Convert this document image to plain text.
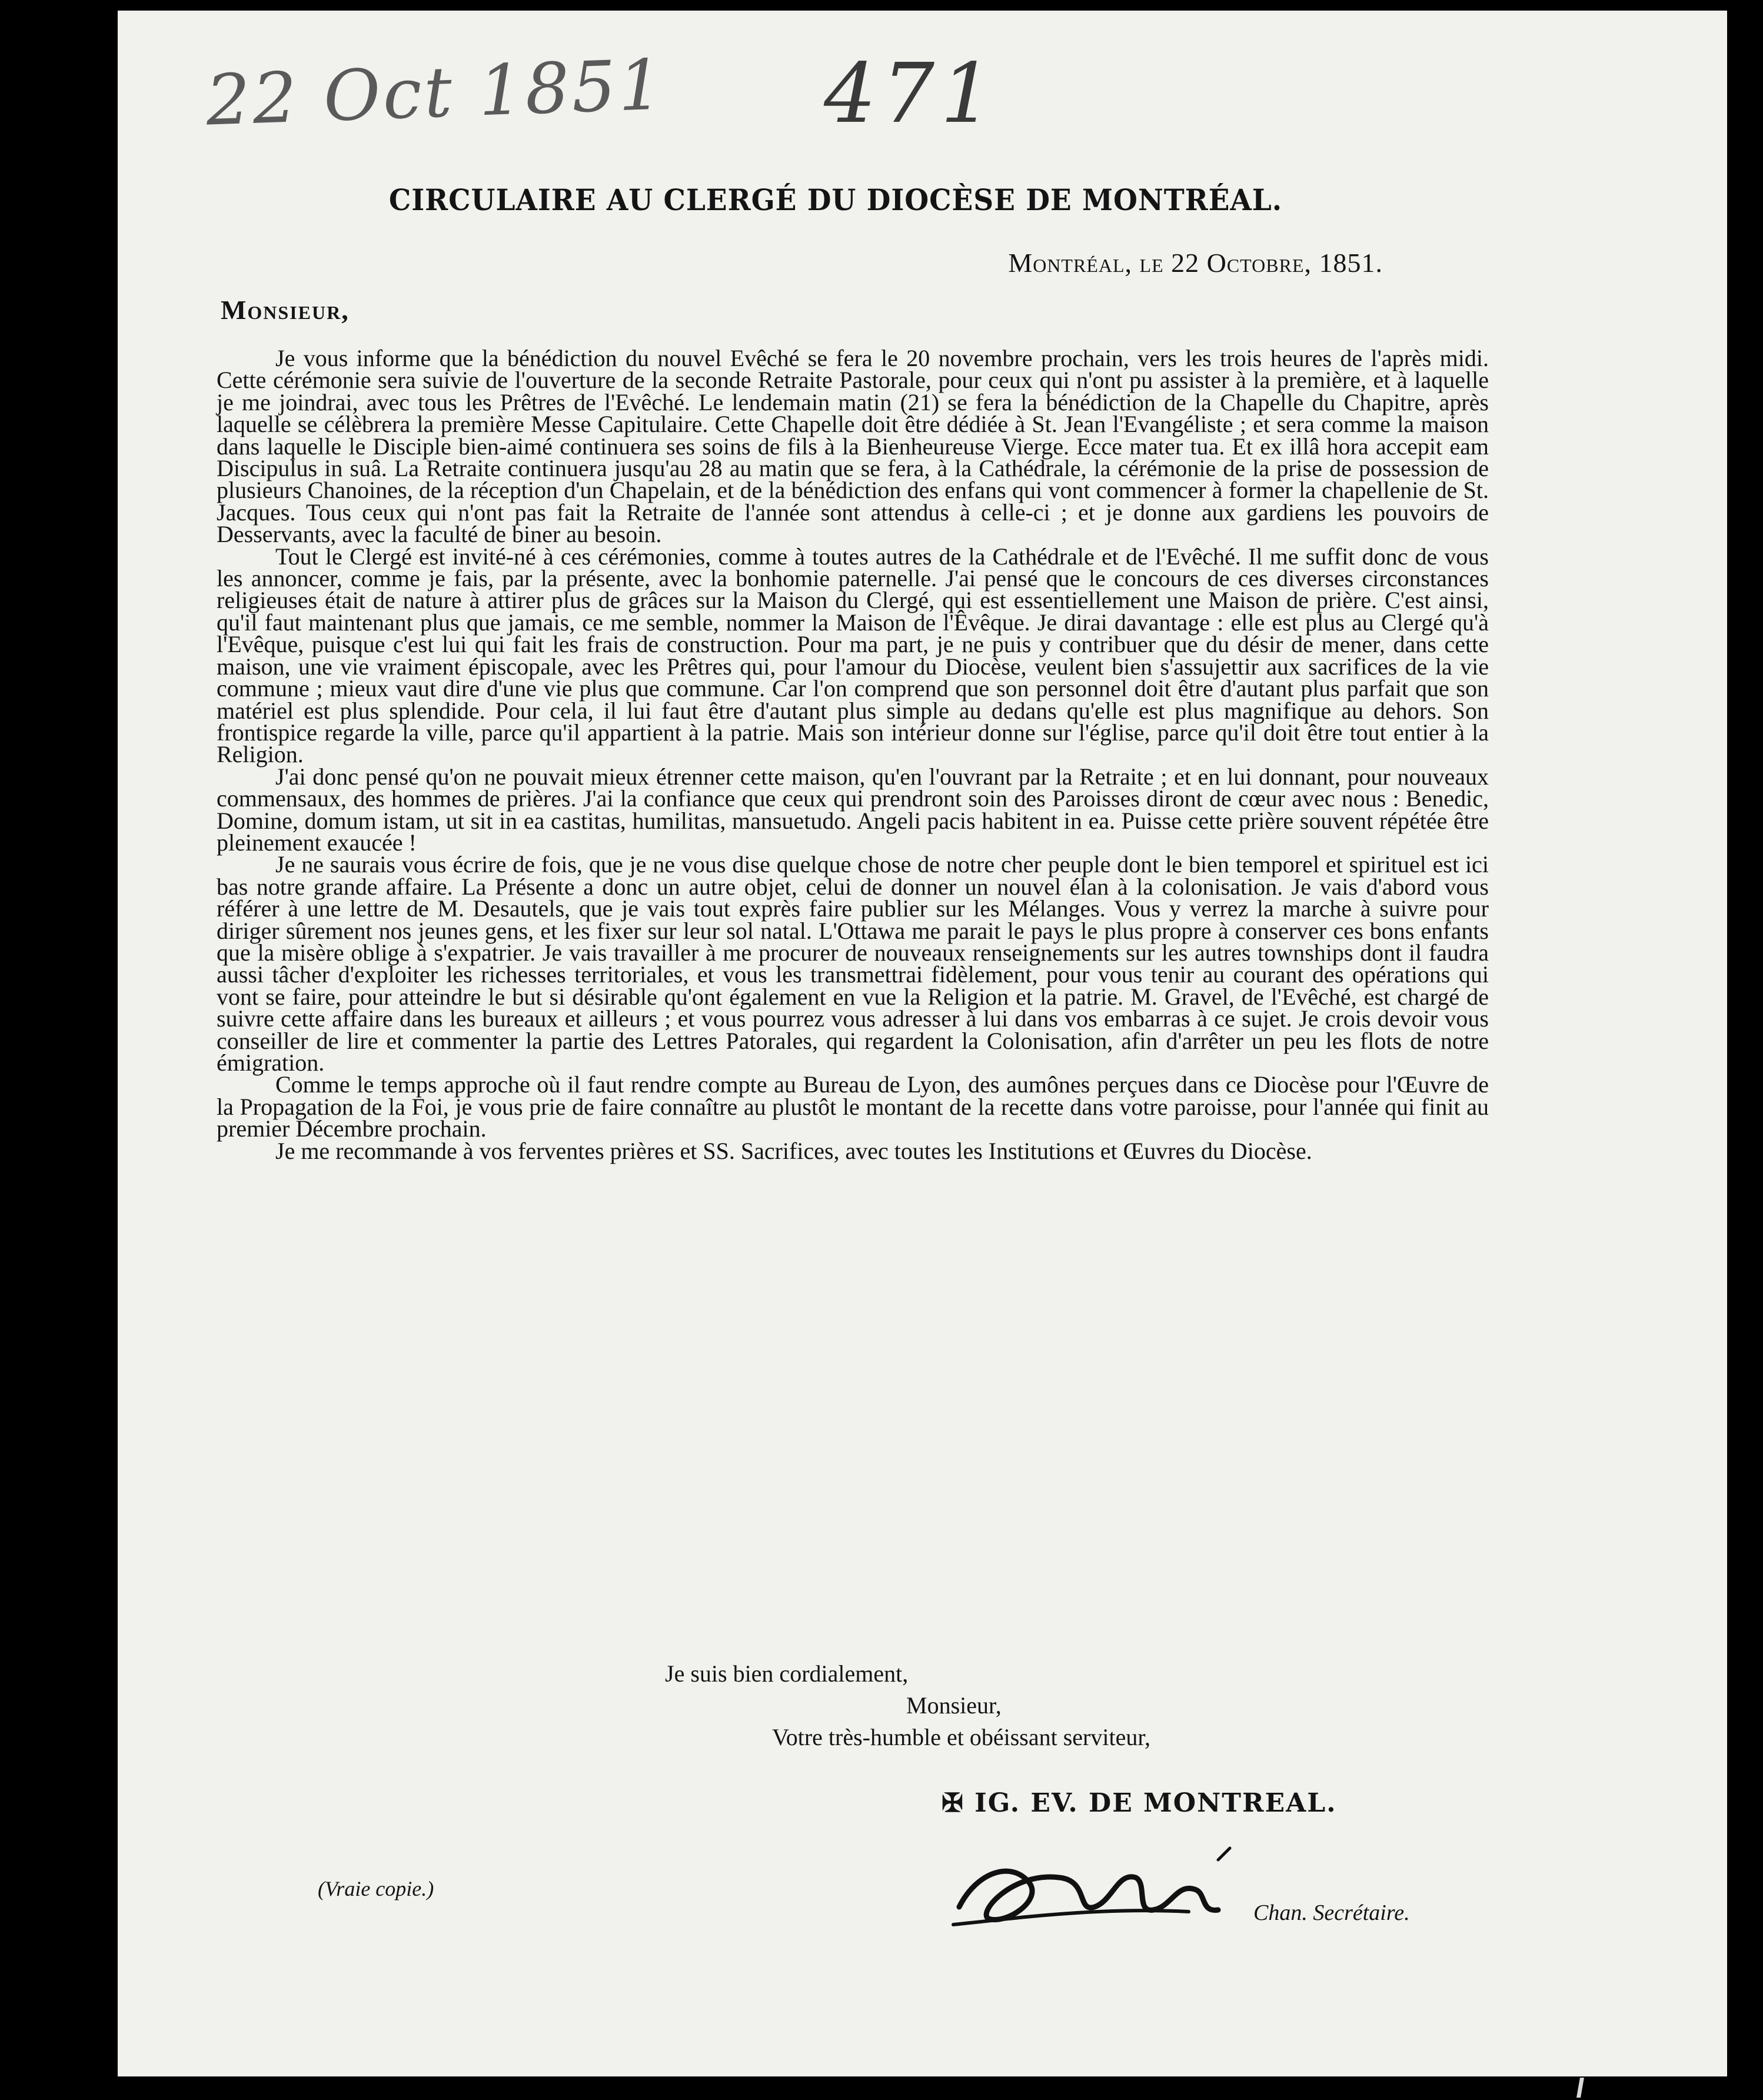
22 Oct 1851 471
CIRCULAIRE AU CLERGÉ DU DIOCÈSE DE MONTRÉAL.
Montréal, le 22 Octobre, 1851.
Monsieur,

Je vous informe que la bénédiction du nouvel Evêché se fera le 20 novembre prochain, vers les trois heures de l'après midi. Cette cérémonie sera suivie de l'ouverture de la seconde Retraite Pastorale, pour ceux qui n'ont pu assister à la première, et à laquelle je me joindrai, avec tous les Prêtres de l'Evêché. Le lendemain matin (21) se fera la bénédiction de la Chapelle du Chapitre, après laquelle se célèbrera la première Messe Capitulaire. Cette Chapelle doit être dédiée à St. Jean l'Evangéliste ; et sera comme la maison dans laquelle le Disciple bien-aimé continuera ses soins de fils à la Bienheureuse Vierge. Ecce mater tua. Et ex illâ hora accepit eam Discipulus in suâ. La Retraite continuera jusqu'au 28 au matin que se fera, à la Cathédrale, la cérémonie de la prise de possession de plusieurs Chanoines, de la réception d'un Chapelain, et de la bénédiction des enfans qui vont commencer à former la chapellenie de St. Jacques. Tous ceux qui n'ont pas fait la Retraite de l'année sont attendus à celle-ci ; et je donne aux gardiens les pouvoirs de Desservants, avec la faculté de biner au besoin.

Tout le Clergé est invité-né à ces cérémonies, comme à toutes autres de la Cathédrale et de l'Evêché. Il me suffit donc de vous les annoncer, comme je fais, par la présente, avec la bonhomie paternelle. J'ai pensé que le concours de ces diverses circonstances religieuses était de nature à attirer plus de grâces sur la Maison du Clergé, qui est essentiellement une Maison de prière. C'est ainsi, qu'il faut maintenant plus que jamais, ce me semble, nommer la Maison de l'Êvêque. Je dirai davantage : elle est plus au Clergé qu'à l'Evêque, puisque c'est lui qui fait les frais de construction. Pour ma part, je ne puis y contribuer que du désir de mener, dans cette maison, une vie vraiment épiscopale, avec les Prêtres qui, pour l'amour du Diocèse, veulent bien s'assujettir aux sacrifices de la vie commune ; mieux vaut dire d'une vie plus que commune. Car l'on comprend que son personnel doit être d'autant plus parfait que son matériel est plus splendide. Pour cela, il lui faut être d'autant plus simple au dedans qu'elle est plus magnifique au dehors. Son frontispice regarde la ville, parce qu'il appartient à la patrie. Mais son intérieur donne sur l'église, parce qu'il doit être tout entier à la Religion.

J'ai donc pensé qu'on ne pouvait mieux étrenner cette maison, qu'en l'ouvrant par la Retraite ; et en lui donnant, pour nouveaux commensaux, des hommes de prières. J'ai la confiance que ceux qui prendront soin des Paroisses diront de cœur avec nous : Benedic, Domine, domum istam, ut sit in ea castitas, humilitas, mansuetudo. Angeli pacis habitent in ea. Puisse cette prière souvent répétée être pleinement exaucée !

Je ne saurais vous écrire de fois, que je ne vous dise quelque chose de notre cher peuple dont le bien temporel et spirituel est ici bas notre grande affaire. La Présente a donc un autre objet, celui de donner un nouvel élan à la colonisation. Je vais d'abord vous référer à une lettre de M. Desautels, que je vais tout exprès faire publier sur les Mélanges. Vous y verrez la marche à suivre pour diriger sûrement nos jeunes gens, et les fixer sur leur sol natal. L'Ottawa me parait le pays le plus propre à conserver ces bons enfants que la misère oblige à s'expatrier. Je vais travailler à me procurer de nouveaux renseignements sur les autres townships dont il faudra aussi tâcher d'exploiter les richesses territoriales, et vous les transmettrai fidèlement, pour vous tenir au courant des opérations qui vont se faire, pour atteindre le but si désirable qu'ont également en vue la Religion et la patrie. M. Gravel, de l'Evêché, est chargé de suivre cette affaire dans les bureaux et ailleurs ; et vous pourrez vous adresser à lui dans vos embarras à ce sujet. Je crois devoir vous conseiller de lire et commenter la partie des Lettres Patorales, qui regardent la Colonisation, afin d'arrêter un peu les flots de notre émigration.

Comme le temps approche où il faut rendre compte au Bureau de Lyon, des aumônes perçues dans ce Diocèse pour l'Œuvre de la Propagation de la Foi, je vous prie de faire connaître au plustôt le montant de la recette dans votre paroisse, pour l'année qui finit au premier Décembre prochain.

Je me recommande à vos ferventes prières et SS. Sacrifices, avec toutes les Institutions et Œuvres du Diocèse.

Je suis bien cordialement,
Monsieur,
Votre très-humble et obéissant serviteur,
✠ IG. EV. DE MONTREAL.
(Vraie copie.)
Chan. Secrétaire.
